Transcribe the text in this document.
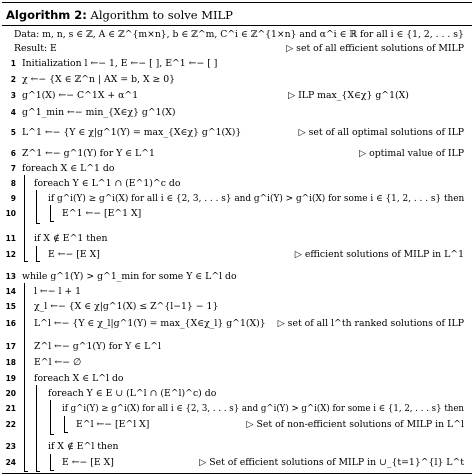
Algorithm 2: Algorithm to solve MILP
Data: m, n, s ∈ ℤ, A ∈ ℤ^{m×n}, b ∈ ℤ^m, C^i ∈ ℤ^{1×n} and α^i ∈ ℝ for all i ∈ {1, 2, . . . s}
Result: E	▷ set of all efficient solutions of MILP
1 Initialization l ←− 1, E ←− [ ], E^1 ←− [ ]
2 χ ←− {X ∈ ℤ^n | AX = b, X ≥ 0}
3 g^1(X) ←− C^1X + α^1	▷ ILP max_{X∈χ} g^1(X)
4 g^1_min ←− min_{X∈χ} g^1(X)
5 L^1 ←− {Y ∈ χ|g^1(Y) = max_{X∈χ} g^1(X)}	▷ set of all optimal solutions of ILP
6 Z^1 ←− g^1(Y) for Y ∈ L^1	▷ optimal value of ILP
7 foreach X ∈ L^1 do
8 foreach Y ∈ L^1 ∩ (E^1)^c do
9	if g^i(Y) ≥ g^i(X) for all i ∈ {2, 3, . . . s} and g^i(Y) > g^i(X) for some i ∈ {1, 2, . . . s} then
10	E^1 ←− [E^1 X]
11 if X ∉ E^1 then
12	E ←− [E X]	▷ efficient solutions of MILP in L^1
13 while g^1(Y) > g^1_min for some Y ∈ L^l do
14 l ←− l + 1
15 χ_l ←− {X ∈ χ|g^1(X) ≤ Z^{l−1} − 1}
16 L^l ←− {Y ∈ χ_l|g^1(Y) = max_{X∈χ_l} g^1(X)} ▷ set of all l^th ranked solutions of ILP
17 Z^l ←− g^1(Y) for Y ∈ L^l
18 E^l ←− ∅
19 foreach X ∈ L^l do
20	foreach Y ∈ E ∪ (L^l ∩ (E^l)^c) do
21	if g^i(Y) ≥ g^i(X) for all i ∈ {2, 3, . . . s} and g^i(Y) > g^i(X) for some i ∈ {1, 2, . . . s} then
22	E^l ←− [E^l X]	▷ Set of non-efficient solutions of MILP in L^l
23	if X ∉ E^l then
24	E ←− [E X]	▷ Set of efficient solutions of MILP in ∪_{t=1}^{l} L^t
